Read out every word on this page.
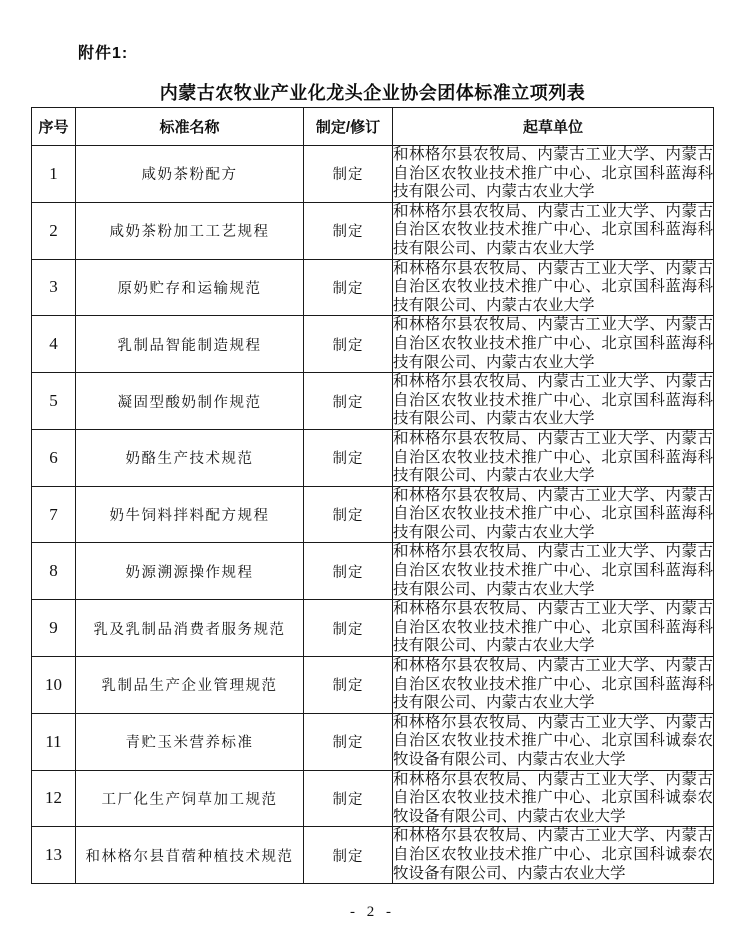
附件1:
内蒙古农牧业产业化龙头企业协会团体标准立项列表
序号	标准名称	制定/修订	起草单位
1	咸奶茶粉配方	制定	和林格尔县农牧局、内蒙古工业大学、内蒙古自治区农牧业技术推广中心、北京国科蓝海科技有限公司、内蒙古农业大学
2	咸奶茶粉加工工艺规程	制定	和林格尔县农牧局、内蒙古工业大学、内蒙古自治区农牧业技术推广中心、北京国科蓝海科技有限公司、内蒙古农业大学
3	原奶贮存和运输规范	制定	和林格尔县农牧局、内蒙古工业大学、内蒙古自治区农牧业技术推广中心、北京国科蓝海科技有限公司、内蒙古农业大学
4	乳制品智能制造规程	制定	和林格尔县农牧局、内蒙古工业大学、内蒙古自治区农牧业技术推广中心、北京国科蓝海科技有限公司、内蒙古农业大学
5	凝固型酸奶制作规范	制定	和林格尔县农牧局、内蒙古工业大学、内蒙古自治区农牧业技术推广中心、北京国科蓝海科技有限公司、内蒙古农业大学
6	奶酪生产技术规范	制定	和林格尔县农牧局、内蒙古工业大学、内蒙古自治区农牧业技术推广中心、北京国科蓝海科技有限公司、内蒙古农业大学
7	奶牛饲料拌料配方规程	制定	和林格尔县农牧局、内蒙古工业大学、内蒙古自治区农牧业技术推广中心、北京国科蓝海科技有限公司、内蒙古农业大学
8	奶源溯源操作规程	制定	和林格尔县农牧局、内蒙古工业大学、内蒙古自治区农牧业技术推广中心、北京国科蓝海科技有限公司、内蒙古农业大学
9	乳及乳制品消费者服务规范	制定	和林格尔县农牧局、内蒙古工业大学、内蒙古自治区农牧业技术推广中心、北京国科蓝海科技有限公司、内蒙古农业大学
10	乳制品生产企业管理规范	制定	和林格尔县农牧局、内蒙古工业大学、内蒙古自治区农牧业技术推广中心、北京国科蓝海科技有限公司、内蒙古农业大学
11	青贮玉米营养标准	制定	和林格尔县农牧局、内蒙古工业大学、内蒙古自治区农牧业技术推广中心、北京国科诚泰农牧设备有限公司、内蒙古农业大学
12	工厂化生产饲草加工规范	制定	和林格尔县农牧局、内蒙古工业大学、内蒙古自治区农牧业技术推广中心、北京国科诚泰农牧设备有限公司、内蒙古农业大学
13	和林格尔县苜蓿种植技术规范	制定	和林格尔县农牧局、内蒙古工业大学、内蒙古自治区农牧业技术推广中心、北京国科诚泰农牧设备有限公司、内蒙古农业大学
- 2 -
